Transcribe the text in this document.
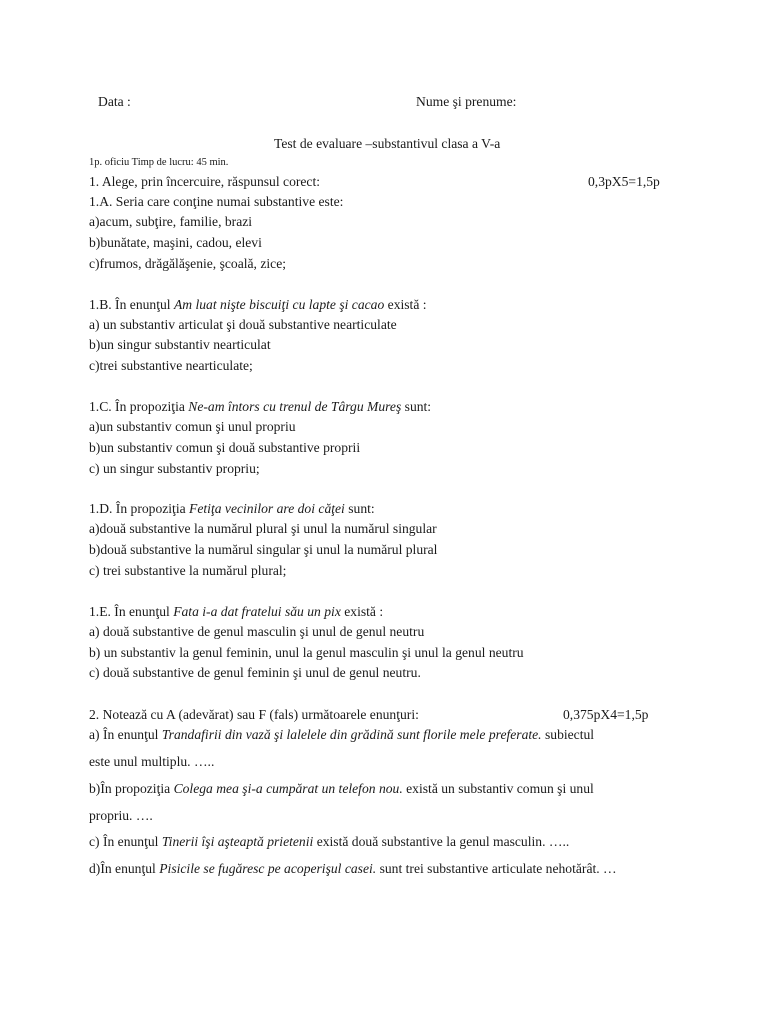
Data :	Nume şi prenume:
Test de evaluare –substantivul clasa a V-a
1p. oficiu Timp de lucru: 45 min.
1. Alege, prin încercuire, răspunsul corect:	0,3pX5=1,5p
1.A. Seria care conţine numai substantive este:
a)acum, subţire, familie, brazi
b)bunătate, maşini, cadou, elevi
c)frumos, drăgălăşenie, şcoală, zice;
1.B. În enunţul Am luat nişte biscuiţi cu lapte şi cacao există :
a) un substantiv articulat şi două substantive nearticulate
b)un singur substantiv nearticulat
c)trei substantive nearticulate;
1.C. În propoziţia Ne-am întors cu trenul de Târgu Mureş sunt:
a)un substantiv comun şi unul propriu
b)un substantiv comun şi două substantive proprii
c) un singur substantiv propriu;
1.D. În propoziţia Fetiţa vecinilor are doi căţei sunt:
a)două substantive la numărul plural şi unul la numărul singular
b)două substantive la numărul singular şi unul la numărul plural
c) trei substantive la numărul plural;
1.E. În enunţul Fata i-a dat fratelui său un pix există :
a) două substantive de genul masculin şi unul de genul neutru
b) un substantiv la genul feminin, unul la genul masculin şi unul la genul neutru
c) două substantive de genul feminin şi unul de genul neutru.
2. Notează cu A (adevărat) sau F (fals) următoarele enunţuri:	0,375pX4=1,5p
a) În enunţul Trandafirii din vază şi lalelele din grădină sunt florile mele preferate. subiectul
este unul multiplu. …..
b)În propoziţia Colega mea şi-a cumpărat un telefon nou. există un substantiv comun şi unul
propriu. ….
c) În enunţul Tinerii îşi aşteaptă prietenii există două substantive la genul masculin. …..
d)În enunţul Pisicile se fugăresc pe acoperişul casei. sunt trei substantive articulate nehotărât. …
